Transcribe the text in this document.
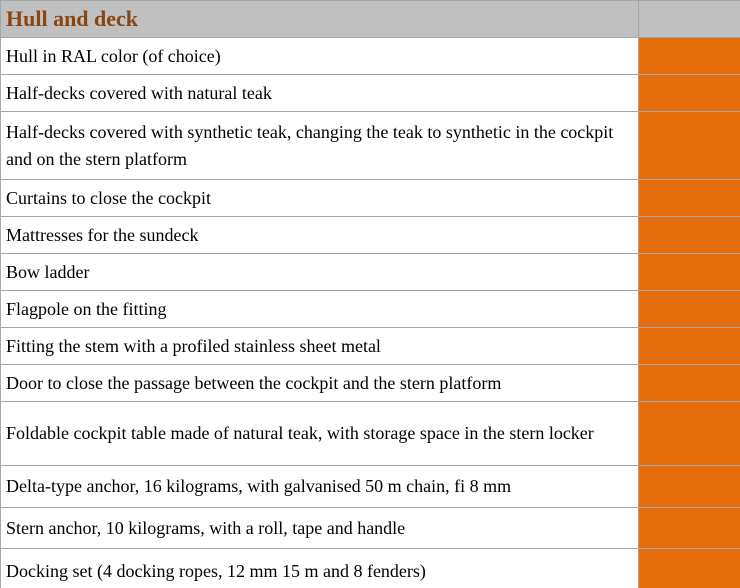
Hull and deck	

Hull in RAL color (of choice)	
Half-decks covered with natural teak	
Half-decks covered with synthetic teak, changing the teak to synthetic in the cockpit and on the stern platform	
Curtains to close the cockpit	
Mattresses for the sundeck	
Bow ladder	
Flagpole on the fitting	
Fitting the stem with a profiled stainless sheet metal	
Door to close the passage between the cockpit and the stern platform	
Foldable cockpit table made of natural teak, with storage space in the stern locker	
Delta-type anchor, 16 kilograms, with galvanised 50 m chain, fi 8 mm	
Stern anchor, 10 kilograms, with a roll, tape and handle	
Docking set (4 docking ropes, 12 mm 15 m and 8 fenders)	
